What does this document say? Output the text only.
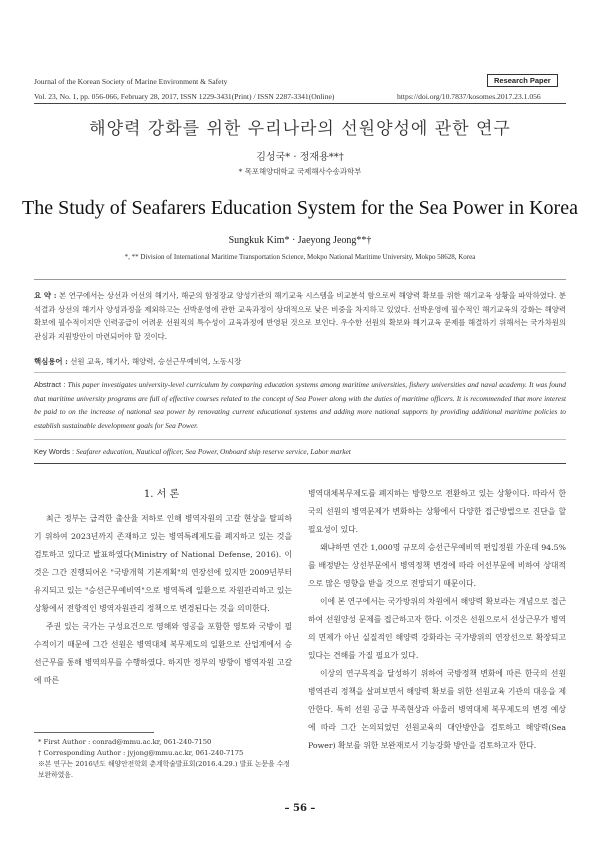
Journal of the Korean Society of Marine Environment & Safety	Research Paper
Vol. 23, No. 1, pp. 056-066, February 28, 2017, ISSN 1229-3431(Print) / ISSN 2287-3341(Online)	https://doi.org/10.7837/kosomes.2017.23.1.056
해양력 강화를 위한 우리나라의 선원양성에 관한 연구
김성국* · 정재용**†
* 목포해양대학교 국제해사수송과학부
The Study of Seafarers Education System for the Sea Power in Korea
Sungkuk Kim* · Jaeyong Jeong**†
*, ** Division of International Maritime Transportation Science, Mokpo National Maritime University, Mokpo 58628, Korea
요 약 : 본 연구에서는 상선과 어선의 해기사, 해군의 함정장교 양성기관의 해기교육 시스템을 비교분석 함으로써 해양력 확보를 위한 해기교육 상황을 파악하였다. 분석결과 상선의 해기사 양성과정을 제외하고는 선박운영에 관한 교육과정이 상대적으로 낮은 비중을 차지하고 있었다. 선박운영에 필수적인 해기교육의 강화는 해양력 확보에 필수적이지만 인력공급이 어려운 선원직의 특수성이 교육과정에 반영된 것으로 보인다. 우수한 선원의 확보와 해기교육 문제를 해결하기 위해서는 국가차원의 관심과 지원방안이 마련되어야 할 것이다.
핵심용어 : 선원 교육, 해기사, 해양력, 승선근무예비역, 노동시장
Abstract : This paper investigates university-level curriculum by comparing education systems among maritime universities, fishery universities and naval academy. It was found that maritime university programs are full of effective courses related to the concept of Sea Power along with the duties of maritime officers. It is recommended that more interest be paid to on the increase of national sea power by renovating current educational systems and adding more national supports by providing additional maritime policies to establish sustainable development goals for Sea Power.
Key Words : Seafarer education, Nautical officer, Sea Power, Onboard ship reserve service, Labor market
1. 서 론

최근 정부는 급격한 출산율 저하로 인해 병역자원의 고갈 현상을 탈피하기 위하여 2023년까지 존재하고 있는 병역특례제도를 폐지하고 있는 것을 검토하고 있다고 발표하였다(Ministry of National Defense, 2016). 이것은 그간 진행되어온 "국방개혁 기본계획"의 연장선에 있지만 2009년부터 유지되고 있는 "승선근무예비역"으로 병역특례 일환으로 자원관리하고 있는 상황에서 전향적인 병역자원관리 정책으로 변경된다는 것을 의미한다.

주권 있는 국가는 구성요건으로 영해와 영공을 포함한 영토와 국방이 필수적이기 때문에 그간 선원은 병역대체 복무제도의 일환으로 산업계에서 승선근무를 통해 병역의무를 수행하였다. 하지만 정부의 방향이 병역자원 고갈에 따른

병역대체복무제도를 폐지하는 방향으로 전환하고 있는 상황이다. 따라서 한국의 선원의 병역문제가 변화하는 상황에서 다양한 접근방법으로 진단을 할 필요성이 있다.

왜냐하면 연간 1,000명 규모의 승선근무예비역 편입정원 가운데 94.5%를 배정받는 상선부문에서 병역정책 변경에 따라 어선부문에 비하여 상대적으로 많은 영향을 받을 것으로 전망되기 때문이다.

이에 본 연구에서는 국가방위의 차원에서 해양력 확보라는 개념으로 접근하여 선원양성 문제를 접근하고자 한다. 이것은 선원으로서 선상근무가 병역의 면제가 아닌 실질적인 해양력 강화라는 국가방위의 연장선으로 확장되고 있다는 견해를 가질 필요가 있다.

이상의 연구목적을 달성하기 위하여 국방정책 변화에 따른 한국의 선원 병역관리 정책을 살펴보면서 해양력 확보를 위한 선원교육 기관의 대응을 제안한다. 특히 선원 공급 부족현상과 아울러 병역대체 복무제도의 변경 예상에 따라 그간 논의되었던 선원교육의 대안방안을 검토하고 해양력(Sea Power) 확보를 위한 보완재로서 기능강화 방안을 검토하고자 한다.

* First Author : conrad@mmu.ac.kr, 061-240-7150
† Corresponding Author : jyjong@mmu.ac.kr, 061-240-7175
※본 연구는 2016년도 해양안전학회 춘계학술발표회(2016.4.29.) 발표 논문을 수정 보완하였음.
– 56 –
